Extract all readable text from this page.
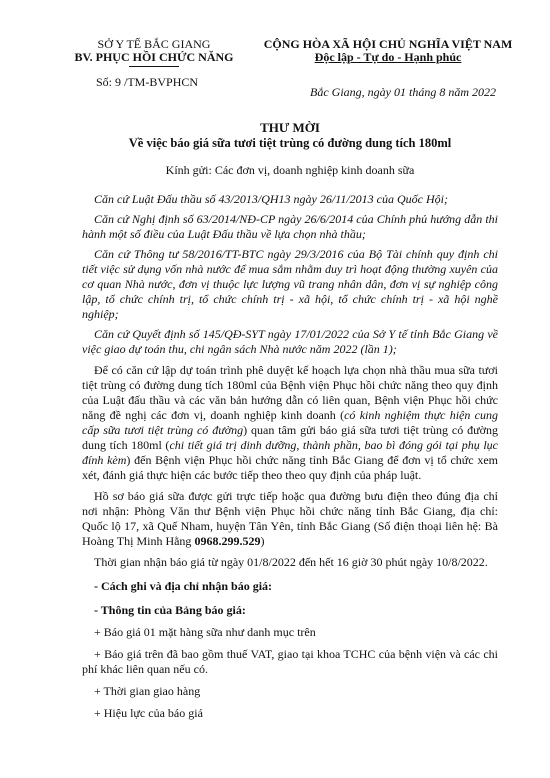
SỞ Y TẾ BẮC GIANG
BV. PHỤC HỒI CHỨC NĂNG
Số: 9 /TM-BVPHCN
CỘNG HÒA XÃ HỘI CHỦ NGHĨA VIỆT NAM
Độc lập - Tự do - Hạnh phúc
Bắc Giang, ngày 01 tháng 8 năm 2022
THƯ MỜI
Về việc báo giá sữa tươi tiệt trùng có đường dung tích 180ml
Kính gửi: Các đơn vị, doanh nghiệp kinh doanh sữa

Căn cứ Luật Đấu thầu số 43/2013/QH13 ngày 26/11/2013 của Quốc Hội;

Căn cứ Nghị định số 63/2014/NĐ-CP ngày 26/6/2014 của Chính phủ hướng dẫn thi hành một số điều của Luật Đấu thầu về lựa chọn nhà thầu;

Căn cứ Thông tư 58/2016/TT-BTC ngày 29/3/2016 của Bộ Tài chính quy định chi tiết việc sử dụng vốn nhà nước để mua sắm nhằm duy trì hoạt động thường xuyên của cơ quan Nhà nước, đơn vị thuộc lực lượng vũ trang nhân dân, đơn vị sự nghiệp công lập, tổ chức chính trị, tổ chức chính trị - xã hội, tổ chức chính trị - xã hội nghề nghiệp;

Căn cứ Quyết định số 145/QĐ-SYT ngày 17/01/2022 của Sở Y tế tỉnh Bắc Giang về việc giao dự toán thu, chi ngân sách Nhà nước năm 2022 (lần 1);

Để có căn cứ lập dự toán trình phê duyệt kế hoạch lựa chọn nhà thầu mua sữa tươi tiệt trùng có đường dung tích 180ml của Bệnh viện Phục hồi chức năng theo quy định của Luật đấu thầu và các văn bản hướng dẫn có liên quan, Bệnh viện Phục hồi chức năng đề nghị các đơn vị, doanh nghiệp kinh doanh (có kinh nghiệm thực hiện cung cấp sữa tươi tiệt trùng có đường) quan tâm gửi báo giá sữa tươi tiệt trùng có đường dung tích 180ml (chi tiết giá trị dinh dưỡng, thành phần, bao bì đóng gói tại phụ lục đính kèm) đến Bệnh viện Phục hồi chức năng tỉnh Bắc Giang để đơn vị tổ chức xem xét, đánh giá thực hiện các bước tiếp theo theo quy định của pháp luật.

Hồ sơ báo giá sữa được gửi trực tiếp hoặc qua đường bưu điện theo đúng địa chỉ nơi nhận: Phòng Văn thư Bệnh viện Phục hồi chức năng tỉnh Bắc Giang, địa chỉ: Quốc lộ 17, xã Quế Nham, huyện Tân Yên, tỉnh Bắc Giang (Số điện thoại liên hệ: Bà Hoàng Thị Minh Hằng 0968.299.529)

Thời gian nhận báo giá từ ngày 01/8/2022 đến hết 16 giờ 30 phút ngày 10/8/2022.

- Cách ghi và địa chỉ nhận báo giá:

- Thông tin của Bảng báo giá:

+ Báo giá 01 mặt hàng sữa như danh mục trên

+ Báo giá trên đã bao gồm thuế VAT, giao tại khoa TCHC của bệnh viện và các chi phí khác liên quan nếu có.

+ Thời gian giao hàng

+ Hiệu lực của báo giá
